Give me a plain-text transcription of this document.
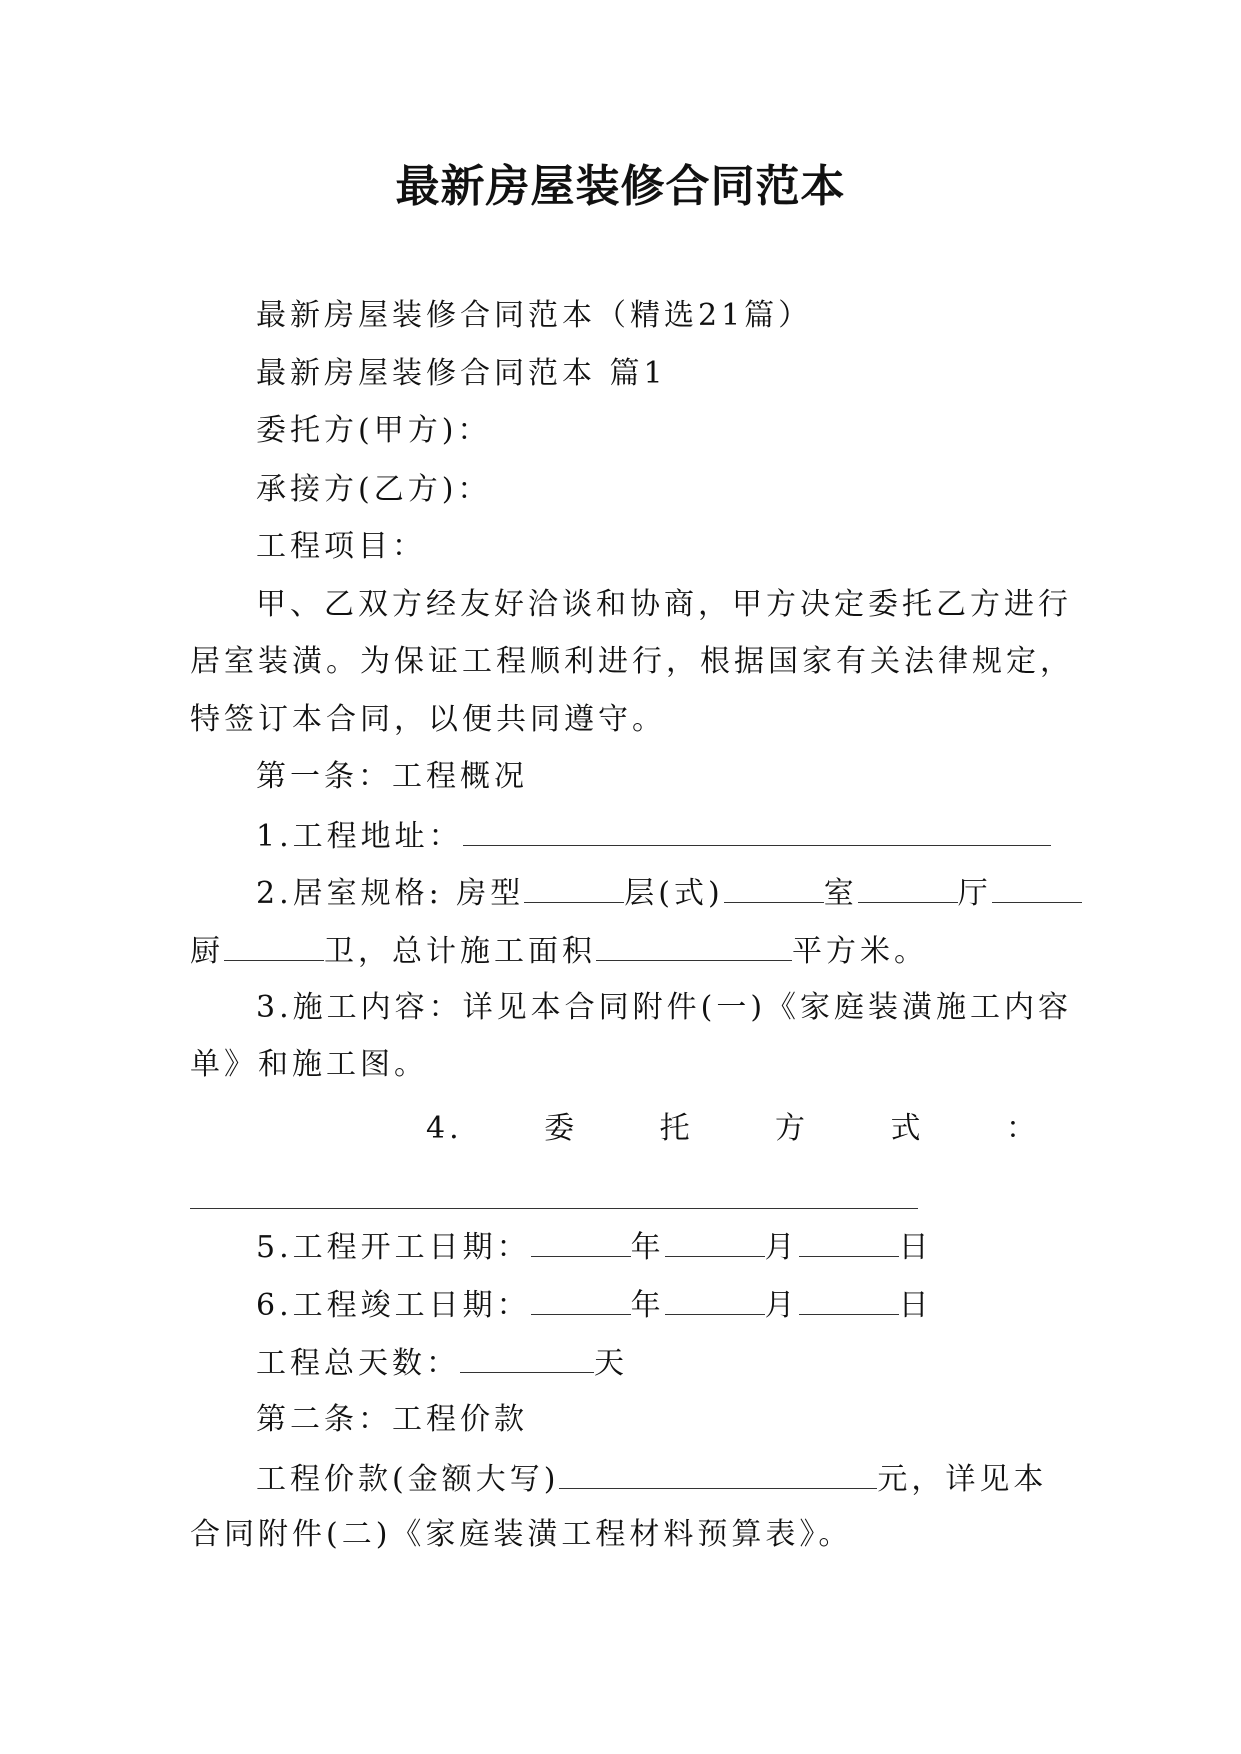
最新房屋装修合同范本
最新房屋装修合同范本（精选21篇）
最新房屋装修合同范本 篇1
委托方(甲方)：
承接方(乙方)：
工程项目：
甲、乙双方经友好洽谈和协商，甲方决定委托乙方进行
居室装潢。为保证工程顺利进行，根据国家有关法律规定，
特签订本合同，以便共同遵守。
第一条：工程概况
1.工程地址：
2.居室规格: 房型	层(式)	室	厅
厨	卫，总计施工面积	平方米。
3.施工内容：详见本合同附件(一)《家庭装潢施工内容
单》和施工图。
4.	委	托	方	式	：
5.工程开工日期：	年	月	日
6.工程竣工日期：	年	月	日
工程总天数：	天
第二条：工程价款
工程价款(金额大写)	元，详见本
合同附件(二)《家庭装潢工程材料预算表》。
